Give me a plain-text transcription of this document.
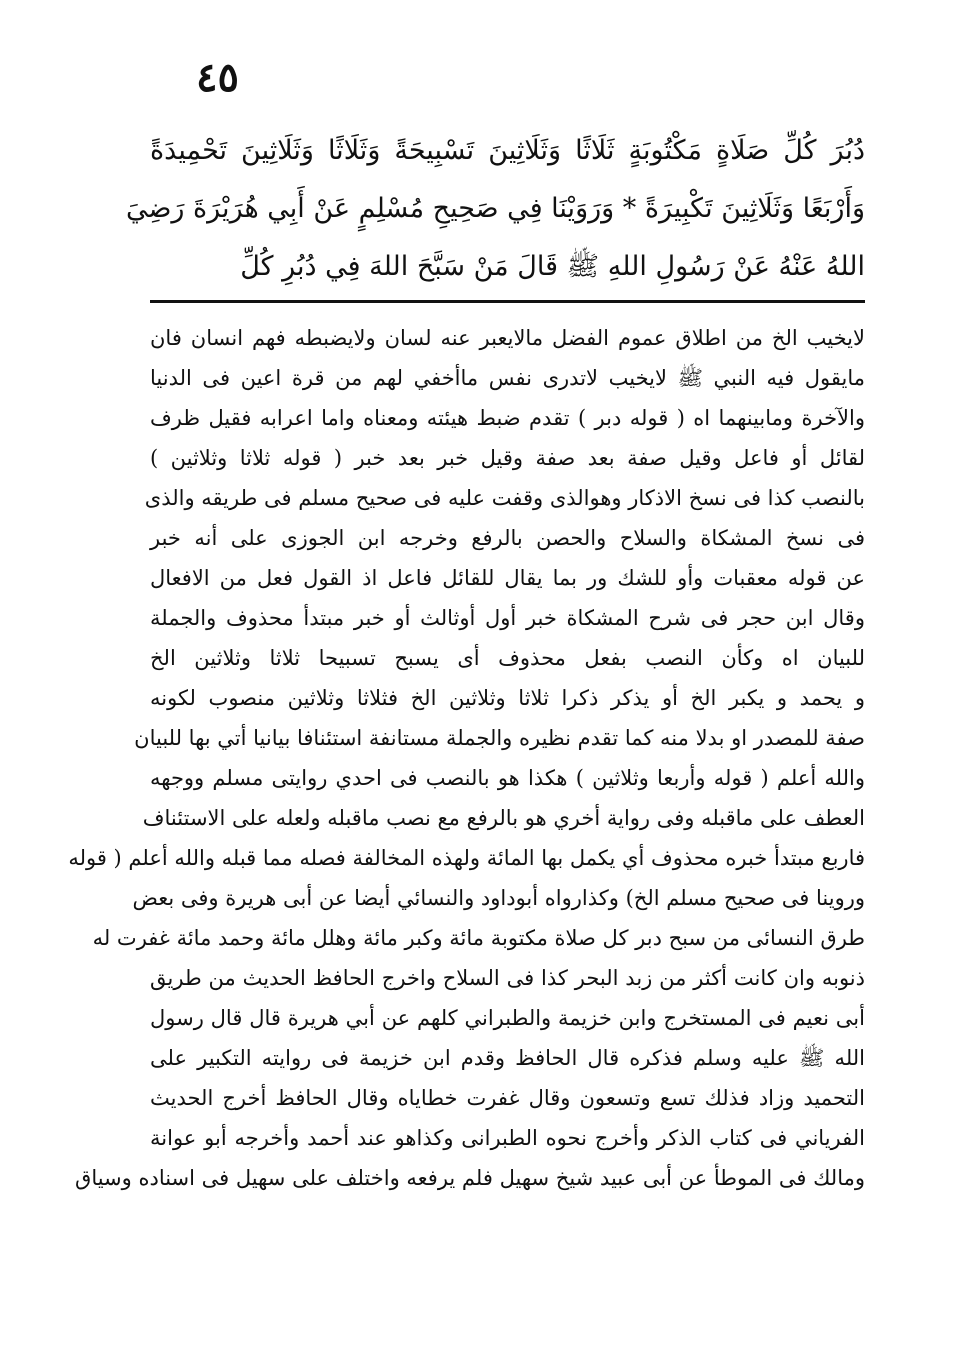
٤٥
دُبُرَ كُلِّ صَلَاةٍ مَكْتُوبَةٍ ثَلَاثًا وَثَلَاثِينَ تَسْبِيحَةً وَثَلَاثًا وَثَلَاثِينَ تَحْمِيدَةً
وَأَرْبَعًا وَثَلَاثِينَ تَكْبِيرَةً * وَرَوَيْنَا فِي صَحِيحِ مُسْلِمٍ عَنْ أَبِي هُرَيْرَةَ رَضِيَ
اللهُ عَنْهُ عَنْ رَسُولِ اللهِ ﷺ قَالَ مَنْ سَبَّحَ اللهَ فِي دُبُرِ كُلِّ
لايخيب الخ من اطلاق عموم الفضل مالايعبر عنه لسان ولايضبطه فهم انسان فان
مايقول فيه النبي ﷺ لايخيب لاتدرى نفس ماأخفي لهم من قرة اعين فى الدنيا
والآخرة ومابينهما اه ( قوله دبر ) تقدم ضبط هيئته ومعناه واما اعرابه فقيل ظرف
لقائل أو فاعل وقيل صفة بعد صفة وقيل خبر بعد خبر ( قوله ثلاثا وثلاثين )
بالنصب كذا فى نسخ الاذكار وهوالذى وقفت عليه فى صحيح مسلم فى طريقه والذى
فى نسخ المشكاة والسلاح والحصن بالرفع وخرجه ابن الجوزى على أنه خبر
عن قوله معقبات وأو للشك ور بما يقال للقائل فاعل اذ القول فعل من الافعال
وقال ابن حجر فى شرح المشكاة خبر أول أوثالث أو خبر مبتدأ محذوف والجملة
للبيان اه وكأن النصب بفعل محذوف أى يسبح تسبيحا ثلاثا وثلاثين الخ
و يحمد و يكبر الخ أو يذكر ذكرا ثلاثا وثلاثين الخ فثلاثا وثلاثين منصوب لكونه
صفة للمصدر او بدلا منه كما تقدم نظيره والجملة مستانفة استئنافا بيانيا أتي بها للبيان
والله أعلم ( قوله وأربعا وثلاثين ) هكذا هو بالنصب فى احدي روايتى مسلم ووجهه
العطف على ماقبله وفى رواية أخري هو بالرفع مع نصب ماقبله ولعله على الاستئناف
فاربع مبتدأ خبره محذوف أي يكمل بها المائة ولهذه المخالفة فصله مما قبله والله أعلم ( قوله
وروينا فى صحيح مسلم الخ) وكذارواه أبوداود والنسائي أيضا عن أبى هريرة وفى بعض
طرق النسائى من سبح دبر كل صلاة مكتوبة مائة وكبر مائة وهلل مائة وحمد مائة غفرت له
ذنوبه وان كانت أكثر من زبد البحر كذا فى السلاح واخرج الحافظ الحديث من طريق
أبى نعيم فى المستخرج وابن خزيمة والطبراني كلهم عن أبي هريرة قال قال رسول
الله ﷺ عليه وسلم فذكره قال الحافظ وقدم ابن خزيمة فى روايته التكبير على
التحميد وزاد فذلك تسع وتسعون وقال غفرت خطاياه وقال الحافظ أخرج الحديث
الفرياني فى كتاب الذكر وأخرج نحوه الطبرانى وكذاهو عند أحمد وأخرجه أبو عوانة
ومالك فى الموطأ عن أبى عبيد شيخ سهيل فلم يرفعه واختلف على سهيل فى اسناده وسياق
